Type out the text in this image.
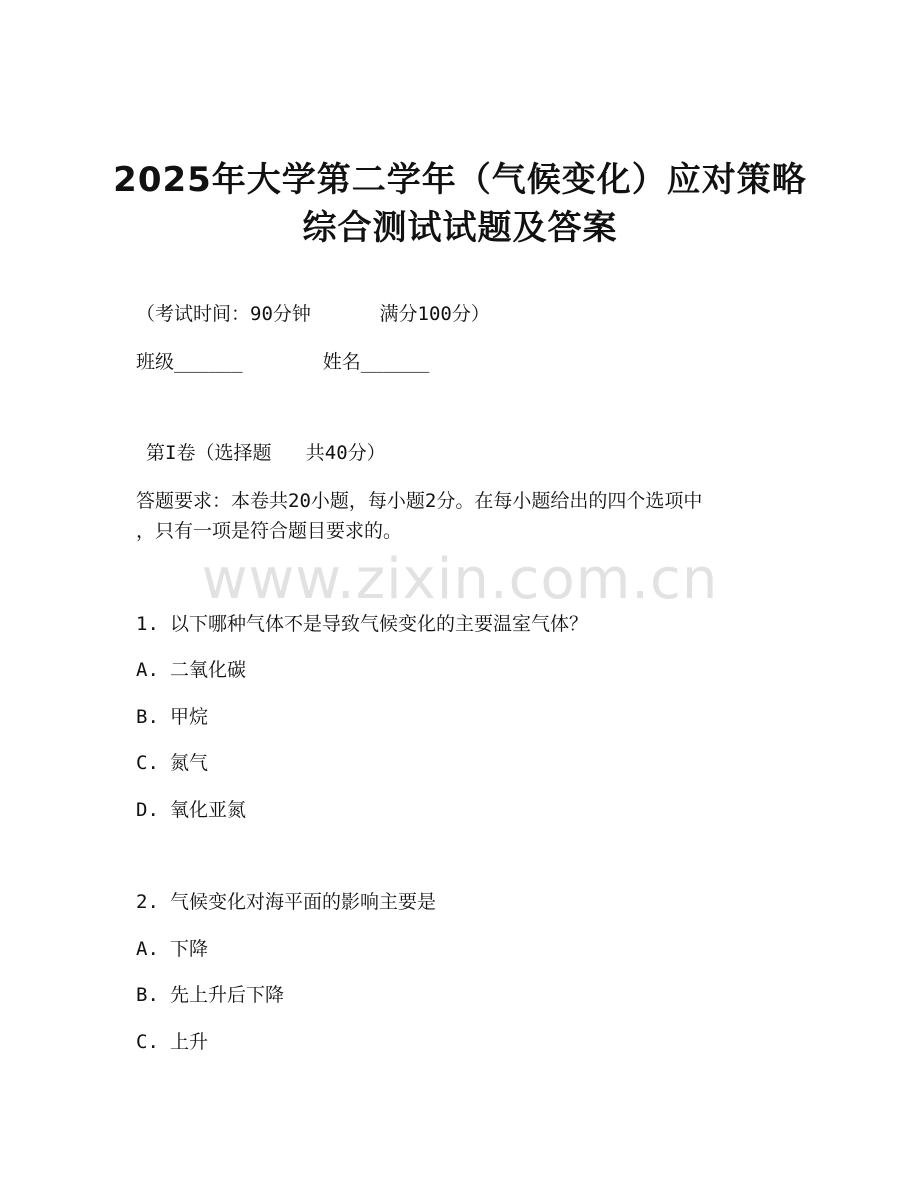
2025年大学第二学年（气候变化）应对策略
综合测试试题及答案

（考试时间：90分钟      满分100分）

班级______       姓名______

第I卷（选择题   共40分）

答题要求：本卷共20小题，每小题2分。在每小题给出的四个选项中

，只有一项是符合题目要求的。

www.zixin.com.cn

1. 以下哪种气体不是导致气候变化的主要温室气体？

A. 二氧化碳

B. 甲烷

C. 氮气

D. 氧化亚氮

2. 气候变化对海平面的影响主要是

A. 下降

B. 先上升后下降

C. 上升
